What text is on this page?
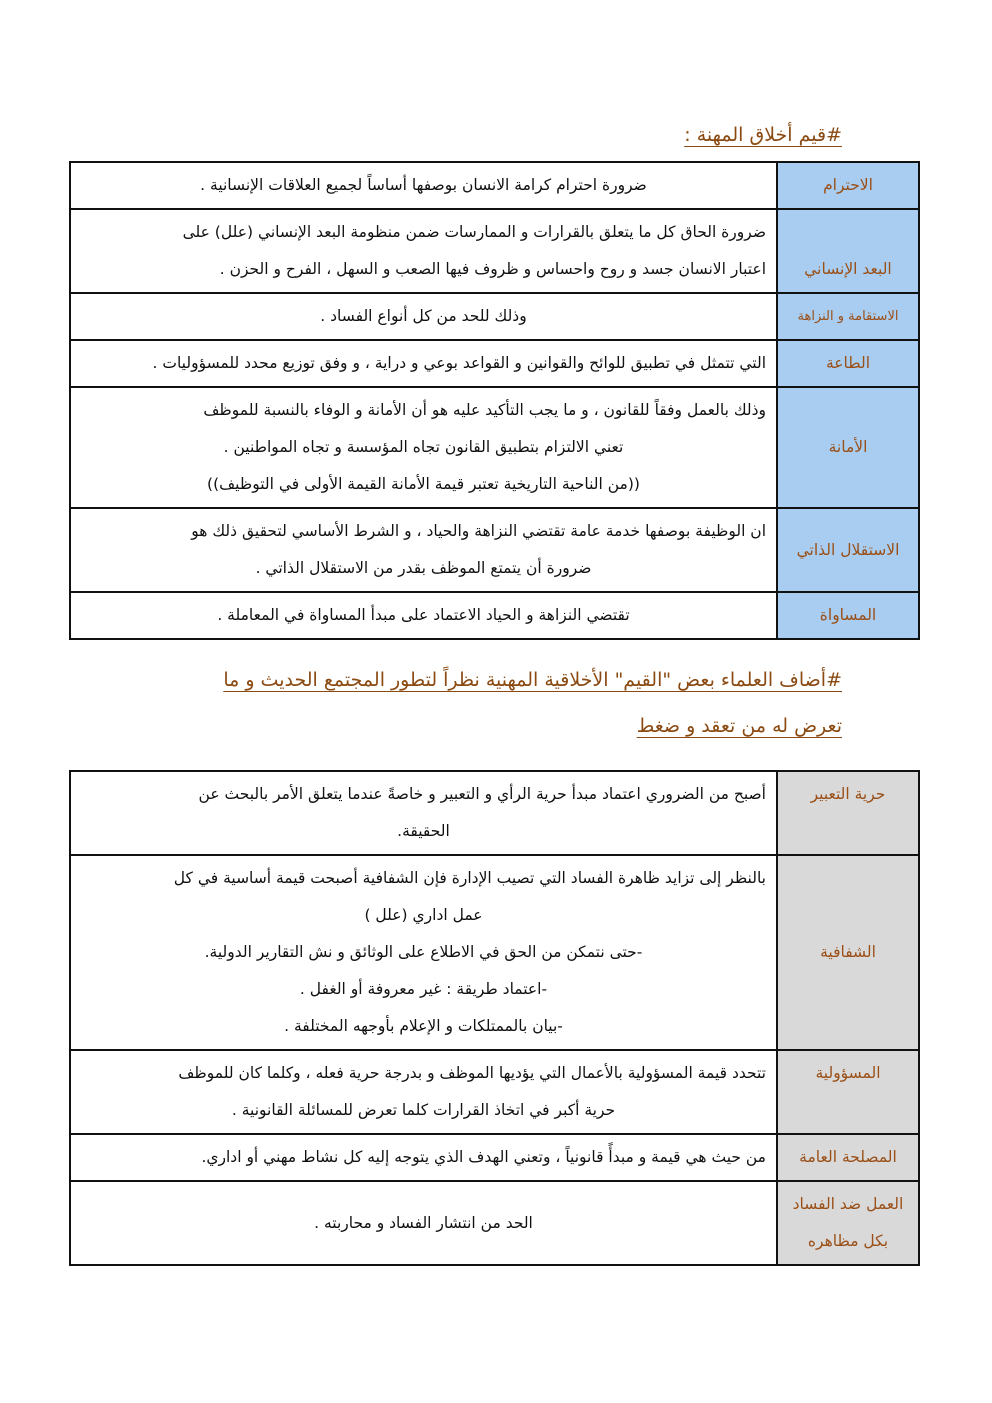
#قيم أخلاق المهنة :
الاحترام	ضرورة احترام كرامة الانسان بوصفها أساساً لجميع العلاقات الإنسانية .

البعد الإنساني	ضرورة الحاق كل ما يتعلق بالقرارات و الممارسات ضمن منظومة البعد الإنساني (علل) على
اعتبار الانسان جسد و روح واحساس و ظروف فيها الصعب و السهل ، الفرح و الحزن .

الاستقامة و النزاهة	وذلك للحد من كل أنواع الفساد .

الطاعة	التي تتمثل في تطبيق للوائح والقوانين و القواعد بوعي و دراية ، و وفق توزيع محدد للمسؤوليات .

الأمانة	وذلك بالعمل وفقاً للقانون ، و ما يجب التأكيد عليه هو أن الأمانة و الوفاء بالنسبة للموظف
تعني الالتزام بتطبيق القانون تجاه المؤسسة و تجاه المواطنين .
((من الناحية التاريخية تعتبر قيمة الأمانة القيمة الأولى في التوظيف))

الاستقلال الذاتي	ان الوظيفة بوصفها خدمة عامة تقتضي النزاهة والحياد ، و الشرط الأساسي لتحقيق ذلك هو
ضرورة أن يتمتع الموظف بقدر من الاستقلال الذاتي .

المساواة	تقتضي النزاهة و الحياد الاعتماد على مبدأ المساواة في المعاملة .
#أضاف العلماء بعض "القيم" الأخلاقية المهنية نظراً لتطور المجتمع الحديث و ما تعرض له من تعقد و ضغط
حرية التعبير	أصبح من الضروري اعتماد مبدأ حرية الرأي و التعبير و خاصةً عندما يتعلق الأمر بالبحث عن
الحقيقة.

الشفافية	بالنظر إلى تزايد ظاهرة الفساد التي تصيب الإدارة فإن الشفافية أصبحت قيمة أساسية في كل
عمل اداري (علل )
-حتى نتمكن من الحق في الاطلاع على الوثائق و نش التقارير الدولية.
-اعتماد طريقة : غير معروفة أو الغفل .
-بيان بالممتلكات و الإعلام بأوجهه المختلفة .

المسؤولية	تتحدد قيمة المسؤولية بالأعمال التي يؤديها الموظف و بدرجة حرية فعله ، وكلما كان للموظف
حرية أكبر في اتخاذ القرارات كلما تعرض للمسائلة القانونية .

المصلحة العامة	من حيث هي قيمة و مبدأً قانونياً ، وتعني الهدف الذي يتوجه إليه كل نشاط مهني أو اداري.

العمل ضد الفساد بكل مظاهره	الحد من انتشار الفساد و محاربته .
